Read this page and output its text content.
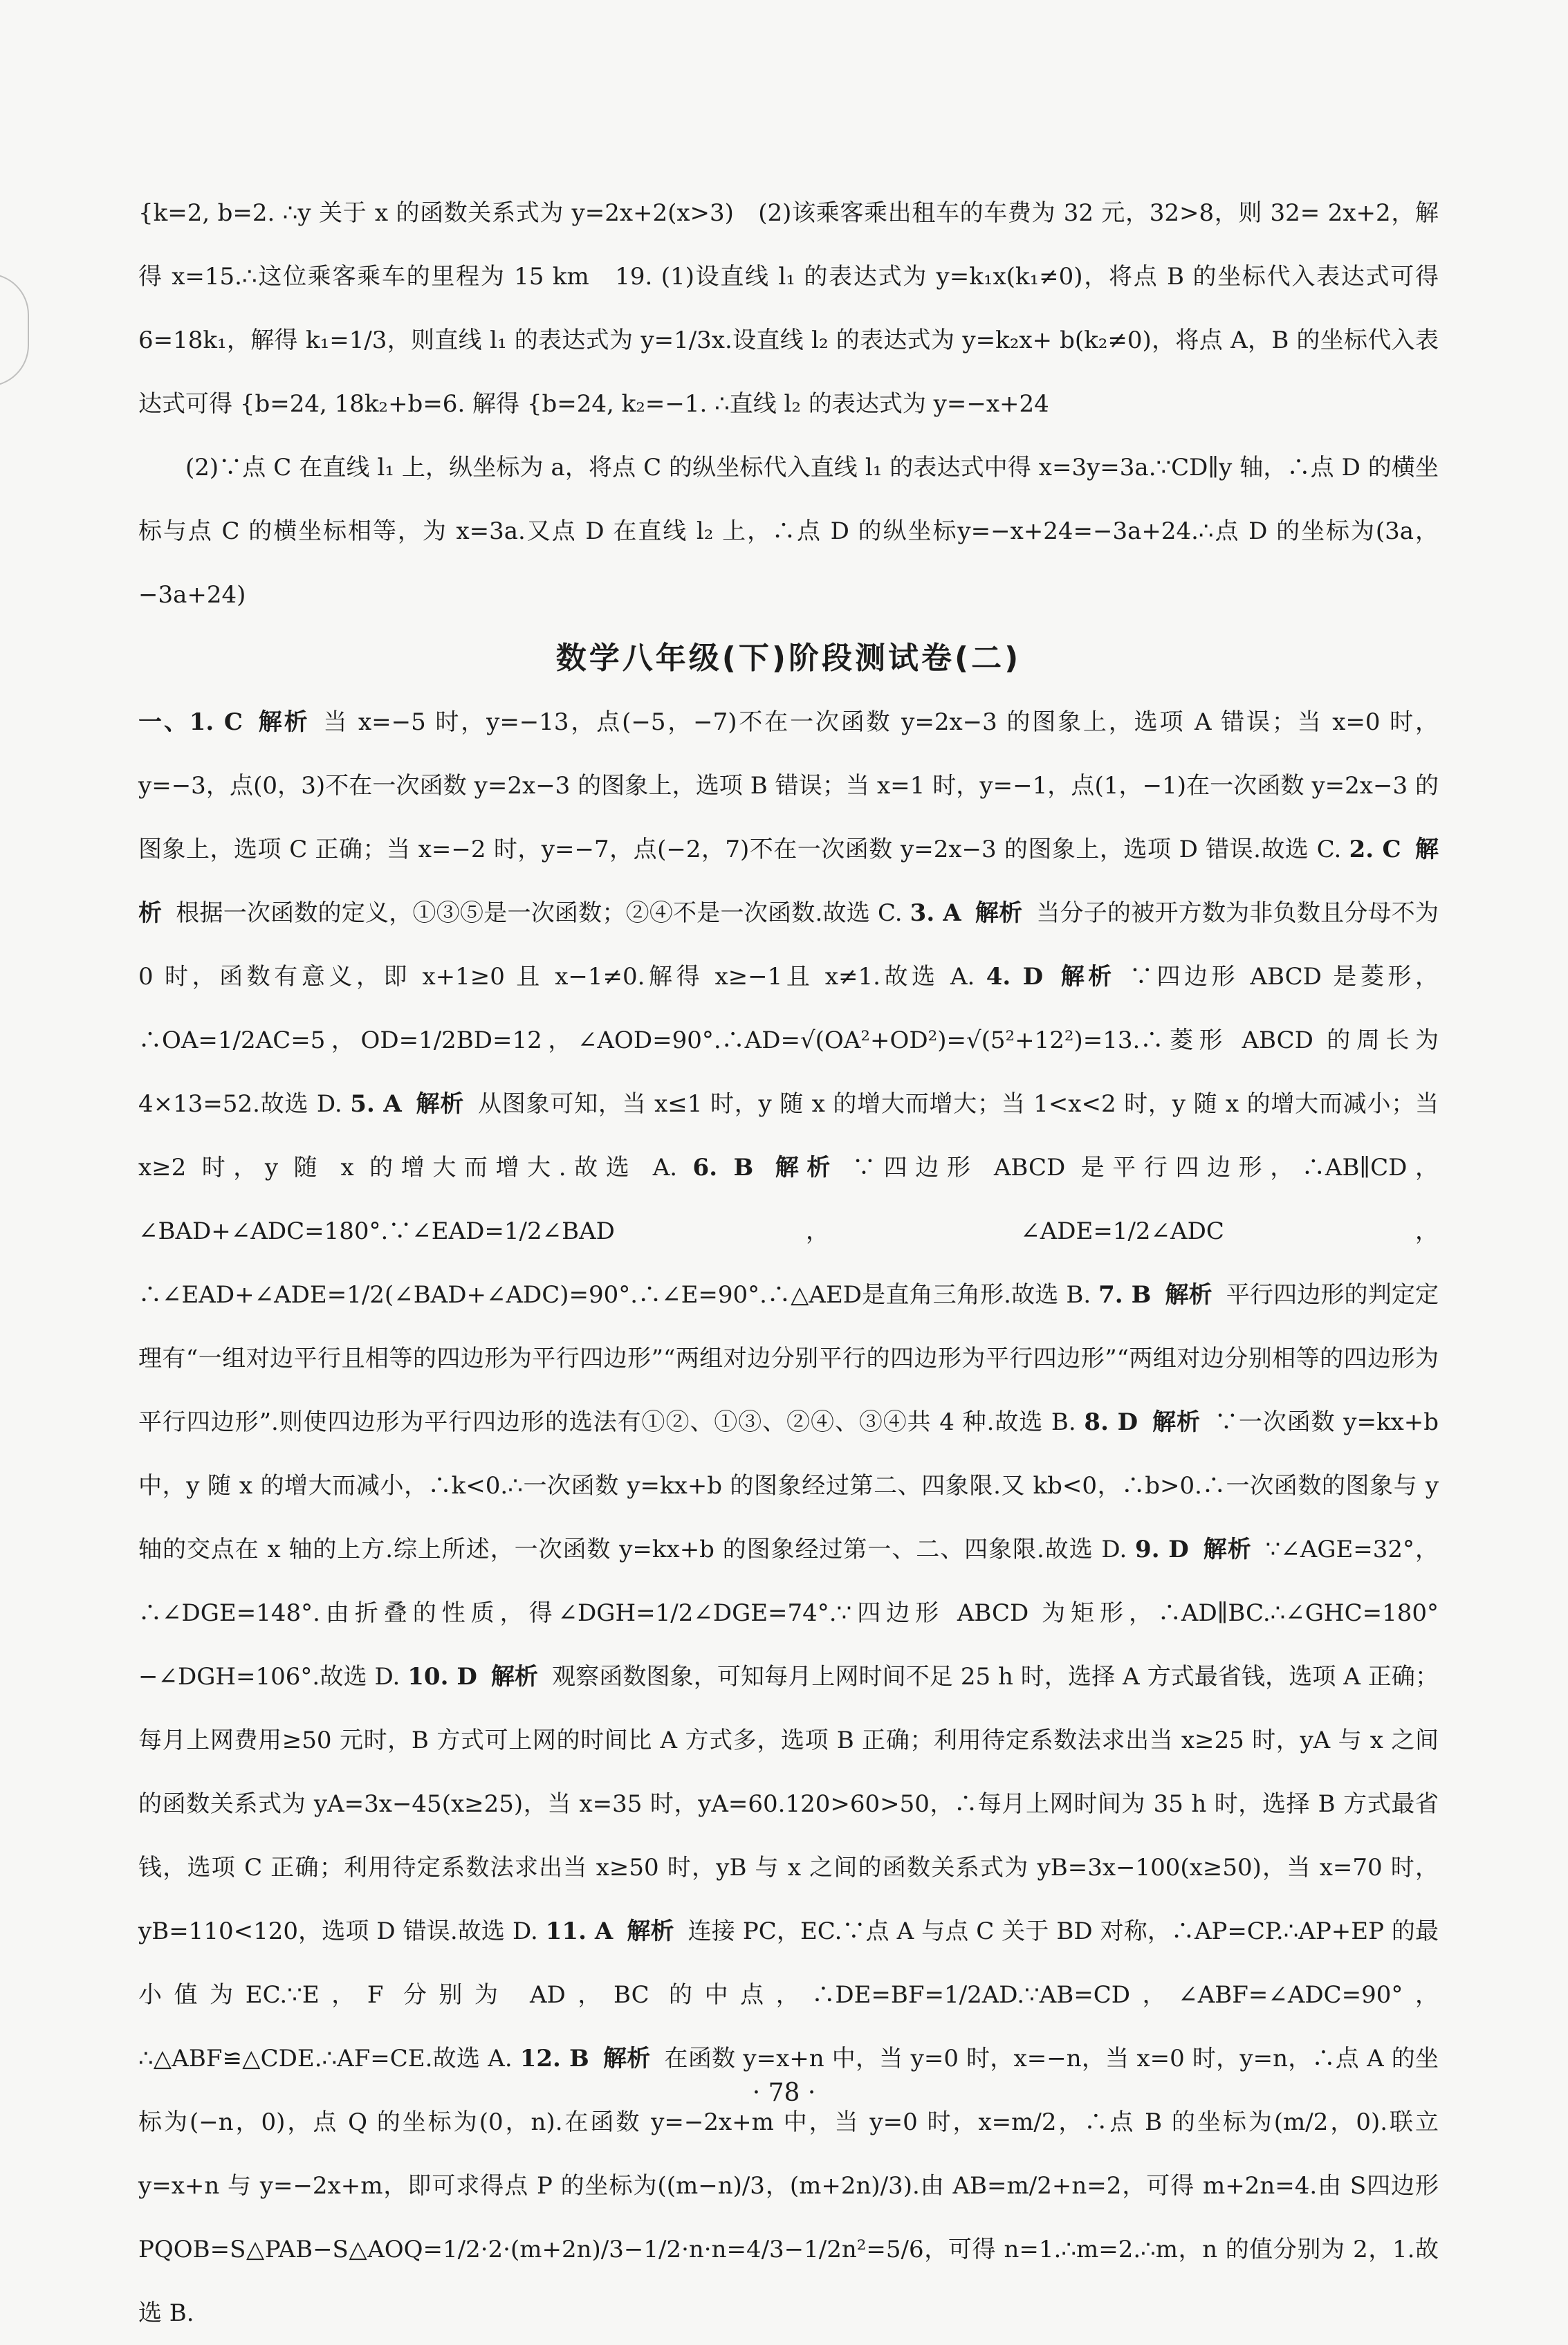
{k=2, b=2. ∴y 关于 x 的函数关系式为 y=2x+2(x>3)　(2)该乘客乘出租车的车费为 32 元，32>8，则 32= 2x+2，解得 x=15.∴这位乘客乘车的里程为 15 km　19. (1)设直线 l₁ 的表达式为 y=k₁x(k₁≠0)，将点 B 的坐标代入表达式可得 6=18k₁，解得 k₁=1/3，则直线 l₁ 的表达式为 y=1/3x.设直线 l₂ 的表达式为 y=k₂x+ b(k₂≠0)，将点 A，B 的坐标代入表达式可得 {b=24, 18k₂+b=6. 解得 {b=24, k₂=−1. ∴直线 l₂ 的表达式为 y=−x+24

(2)∵点 C 在直线 l₁ 上，纵坐标为 a，将点 C 的纵坐标代入直线 l₁ 的表达式中得 x=3y=3a.∵CD∥y 轴，∴点 D 的横坐标与点 C 的横坐标相等，为 x=3a.又点 D 在直线 l₂ 上，∴点 D 的纵坐标y=−x+24=−3a+24.∴点 D 的坐标为(3a，−3a+24)

数学八年级(下)阶段测试卷(二)

一、1. C 解析 当 x=−5 时，y=−13，点(−5，−7)不在一次函数 y=2x−3 的图象上，选项 A 错误；当 x=0 时，y=−3，点(0，3)不在一次函数 y=2x−3 的图象上，选项 B 错误；当 x=1 时，y=−1，点(1，−1)在一次函数 y=2x−3 的图象上，选项 C 正确；当 x=−2 时，y=−7，点(−2，7)不在一次函数 y=2x−3 的图象上，选项 D 错误.故选 C. 2. C 解析 根据一次函数的定义，①③⑤是一次函数；②④不是一次函数.故选 C. 3. A 解析 当分子的被开方数为非负数且分母不为 0 时，函数有意义，即 x+1≥0 且 x−1≠0.解得 x≥−1且 x≠1.故选 A. 4. D 解析 ∵四边形 ABCD 是菱形，∴OA=1/2AC=5，OD=1/2BD=12，∠AOD=90°.∴AD=√(OA²+OD²)=√(5²+12²)=13.∴菱形 ABCD 的周长为 4×13=52.故选 D. 5. A 解析 从图象可知，当 x≤1 时，y 随 x 的增大而增大；当 1<x<2 时，y 随 x 的增大而减小；当 x≥2 时，y 随 x 的增大而增大.故选 A. 6. B 解析 ∵四边形 ABCD 是平行四边形，∴AB∥CD，∠BAD+∠ADC=180°.∵∠EAD=1/2∠BAD，∠ADE=1/2∠ADC，∴∠EAD+∠ADE=1/2(∠BAD+∠ADC)=90°.∴∠E=90°.∴△AED是直角三角形.故选 B. 7. B 解析 平行四边形的判定定理有“一组对边平行且相等的四边形为平行四边形”“两组对边分别平行的四边形为平行四边形”“两组对边分别相等的四边形为平行四边形”.则使四边形为平行四边形的选法有①②、①③、②④、③④共 4 种.故选 B. 8. D 解析 ∵一次函数 y=kx+b 中，y 随 x 的增大而减小，∴k<0.∴一次函数 y=kx+b 的图象经过第二、四象限.又 kb<0，∴b>0.∴一次函数的图象与 y 轴的交点在 x 轴的上方.综上所述，一次函数 y=kx+b 的图象经过第一、二、四象限.故选 D. 9. D 解析 ∵∠AGE=32°，∴∠DGE=148°.由折叠的性质，得∠DGH=1/2∠DGE=74°.∵四边形 ABCD 为矩形，∴AD∥BC.∴∠GHC=180°−∠DGH=106°.故选 D. 10. D 解析 观察函数图象，可知每月上网时间不足 25 h 时，选择 A 方式最省钱，选项 A 正确；每月上网费用≥50 元时，B 方式可上网的时间比 A 方式多，选项 B 正确；利用待定系数法求出当 x≥25 时，yA 与 x 之间的函数关系式为 yA=3x−45(x≥25)，当 x=35 时，yA=60.120>60>50，∴每月上网时间为 35 h 时，选择 B 方式最省钱，选项 C 正确；利用待定系数法求出当 x≥50 时，yB 与 x 之间的函数关系式为 yB=3x−100(x≥50)，当 x=70 时，yB=110<120，选项 D 错误.故选 D. 11. A 解析 连接 PC，EC.∵点 A 与点 C 关于 BD 对称，∴AP=CP.∴AP+EP 的最小值为EC.∵E，F 分别为 AD，BC 的中点，∴DE=BF=1/2AD.∵AB=CD，∠ABF=∠ADC=90°，∴△ABF≌△CDE.∴AF=CE.故选 A. 12. B 解析 在函数 y=x+n 中，当 y=0 时，x=−n，当 x=0 时，y=n，∴点 A 的坐标为(−n，0)，点 Q 的坐标为(0，n).在函数 y=−2x+m 中，当 y=0 时，x=m/2，∴点 B 的坐标为(m/2，0).联立 y=x+n 与 y=−2x+m，即可求得点 P 的坐标为((m−n)/3，(m+2n)/3).由 AB=m/2+n=2，可得 m+2n=4.由 S四边形PQOB=S△PAB−S△AOQ=1/2·2·(m+2n)/3−1/2·n·n=4/3−1/2n²=5/6，可得 n=1.∴m=2.∴m，n 的值分别为 2，1.故选 B.

· 78 ·
